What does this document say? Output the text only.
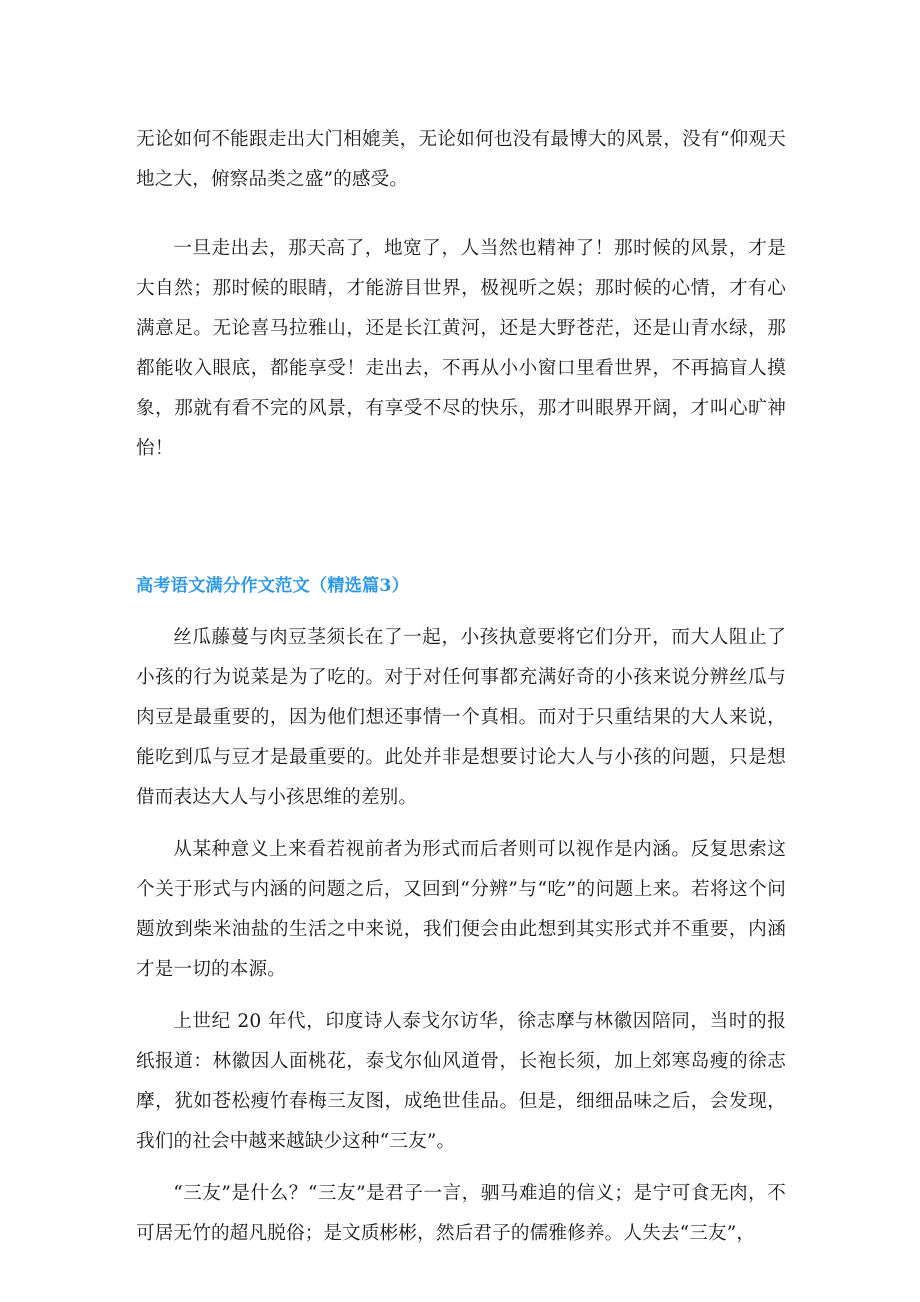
无论如何不能跟走出大门相媲美，无论如何也没有最博大的风景，没有“仰观天地之大，俯察品类之盛”的感受。

一旦走出去，那天高了，地宽了，人当然也精神了！那时候的风景，才是大自然；那时候的眼睛，才能游目世界，极视听之娱；那时候的心情，才有心满意足。无论喜马拉雅山，还是长江黄河，还是大野苍茫，还是山青水绿，那都能收入眼底，都能享受！走出去，不再从小小窗口里看世界，不再搞盲人摸象，那就有看不完的风景，有享受不尽的快乐，那才叫眼界开阔，才叫心旷神怡！

高考语文满分作文范文（精选篇3）

丝瓜藤蔓与肉豆茎须长在了一起，小孩执意要将它们分开，而大人阻止了小孩的行为说菜是为了吃的。对于对任何事都充满好奇的小孩来说分辨丝瓜与肉豆是最重要的，因为他们想还事情一个真相。而对于只重结果的大人来说，能吃到瓜与豆才是最重要的。此处并非是想要讨论大人与小孩的问题，只是想借而表达大人与小孩思维的差别。

从某种意义上来看若视前者为形式而后者则可以视作是内涵。反复思索这个关于形式与内涵的问题之后，又回到“分辨”与“吃”的问题上来。若将这个问题放到柴米油盐的生活之中来说，我们便会由此想到其实形式并不重要，内涵才是一切的本源。

上世纪 20 年代，印度诗人泰戈尔访华，徐志摩与林徽因陪同，当时的报纸报道：林徽因人面桃花，泰戈尔仙风道骨，长袍长须，加上郊寒岛瘦的徐志摩，犹如苍松瘦竹春梅三友图，成绝世佳品。但是，细细品味之后，会发现，我们的社会中越来越缺少这种“三友”。

“三友”是什么？“三友”是君子一言，驷马难追的信义；是宁可食无肉，不可居无竹的超凡脱俗；是文质彬彬，然后君子的儒雅修养。人失去“三友”，
